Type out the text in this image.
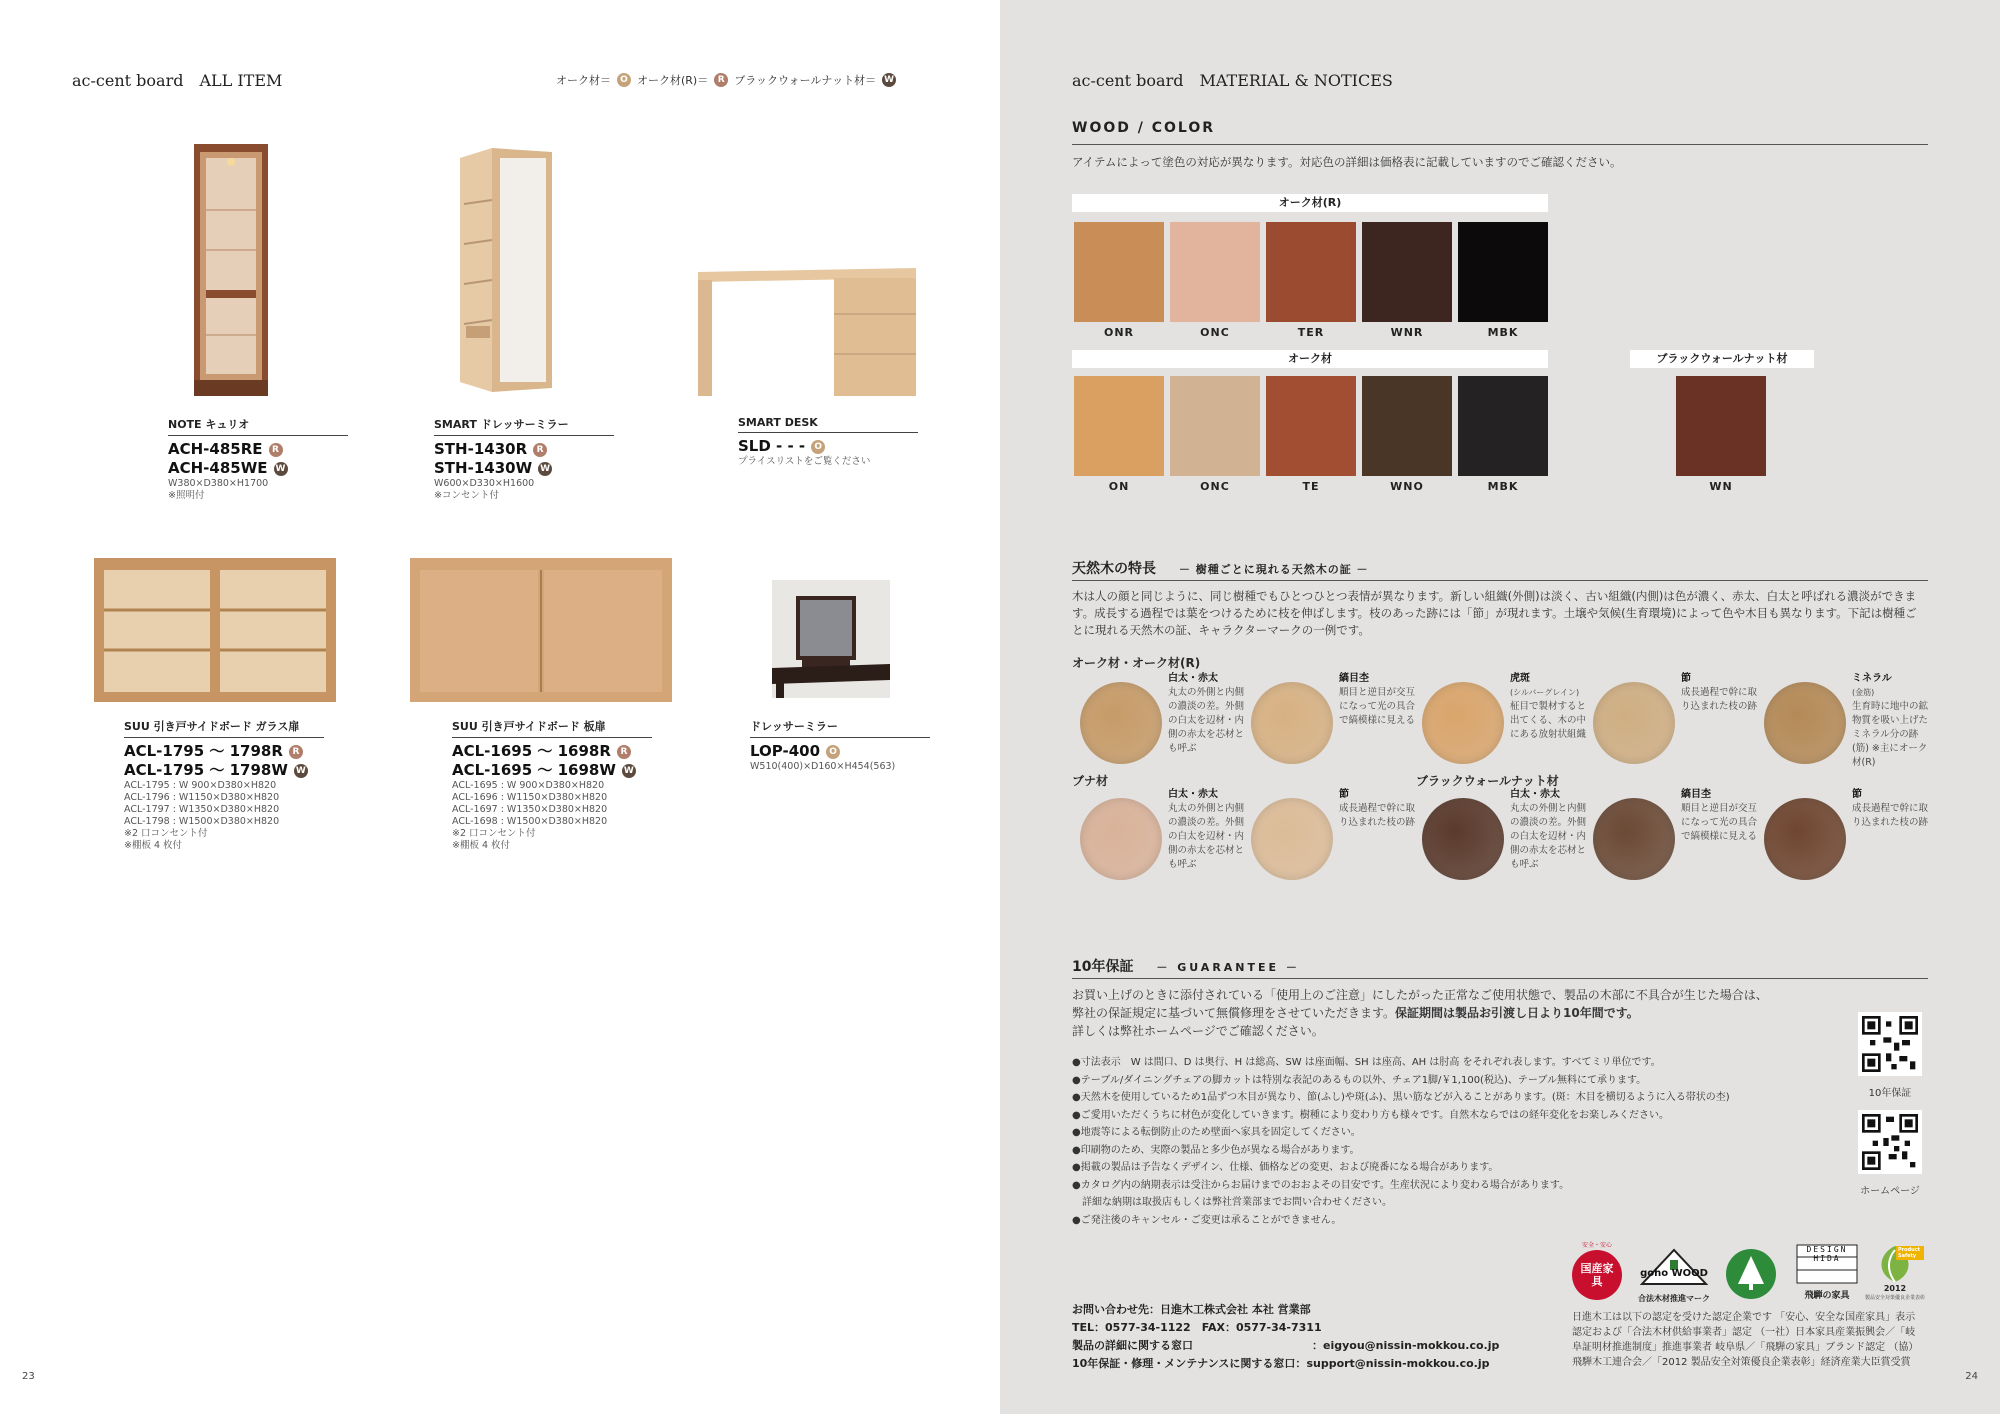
ac-cent board　ALL ITEM	オーク材＝	O オーク材(R)＝	R ブラックウォールナット材＝ W
NOTE キュリオ
ACH-485RE	R
ACH-485WE W
W380×D380×H1700
※照明付
SMART ドレッサーミラー
STH-1430R	R
STH-1430W W
W600×D330×H1600
※コンセント付
SMART DESK
SLD - - -	O
プライスリストをご覧ください
SUU 引き戸サイドボード ガラス扉
ACL-1795 ～ 1798R	R
ACL-1795 ～ 1798W W
ACL-1795 : W 900×D380×H820
ACL-1796 : W1150×D380×H820
ACL-1797 : W1350×D380×H820
ACL-1798 : W1500×D380×H820
※2 口コンセント付
※棚板 4 枚付
SUU 引き戸サイドボード 板扉
ACL-1695 ～ 1698R	R
ACL-1695 ～ 1698W W
ACL-1695 : W 900×D380×H820
ACL-1696 : W1150×D380×H820
ACL-1697 : W1350×D380×H820
ACL-1698 : W1500×D380×H820
※2 口コンセント付
※棚板 4 枚付
ドレッサーミラー
LOP-400	O
W510(400)×D160×H454(563)
23
ac-cent board　MATERIAL & NOTICES
WOOD / COLOR
アイテムによって塗色の対応が異なります。対応色の詳細は価格表に記載していますのでご確認ください。
オーク材(R)
ONR	ONC	TER	WNR	MBK
オーク材
ON	ONC	TE	WNO	MBK
ブラックウォールナット材
WN
天然木の特長 － 樹種ごとに現れる天然木の証 －
木は人の顔と同じように、同じ樹種でもひとつひとつ表情が異なります。新しい組織(外側)は淡く、古い組織(内側)は色が濃く、赤太、白太と呼ばれる濃淡ができます。成長する過程では葉をつけるために枝を伸ばします。枝のあった跡には「節」が現れます。土壌や気候(生育環境)によって色や木目も異なります。下記は樹種ごとに現れる天然木の証、キャラクターマークの一例です。
オーク材・オーク材(R)
白太・赤太
丸太の外側と内側の濃淡の差。外側の白太を辺材・内側の赤太を芯材とも呼ぶ
縞目杢
順目と逆目が交互になって光の具合で縞模様に見える
虎斑
(シルバーグレイン)
柾目で製材すると出てくる、木の中にある放射状組織
節
成長過程で幹に取り込まれた枝の跡
ミネラル
(金筋)
生育時に地中の鉱物質を吸い上げたミネラル分の跡(筋) ※主にオーク材(R)
ブナ材	ブラックウォールナット材
白太・赤太
丸太の外側と内側の濃淡の差。外側の白太を辺材・内側の赤太を芯材とも呼ぶ
節
成長過程で幹に取り込まれた枝の跡
白太・赤太
丸太の外側と内側の濃淡の差。外側の白太を辺材・内側の赤太を芯材とも呼ぶ
縞目杢
順目と逆目が交互になって光の具合で縞模様に見える
節
成長過程で幹に取り込まれた枝の跡
10年保証 － GUARANTEE －
お買い上げのときに添付されている「使用上のご注意」にしたがった正常なご使用状態で、製品の木部に不具合が生じた場合は、
弊社の保証規定に基づいて無償修理をさせていただきます。保証期間は製品お引渡し日より10年間です。
詳しくは弊社ホームページでご確認ください。
●寸法表示　W は間口、D は奥行、H は総高、SW は座面幅、SH は座高、AH は肘高 をそれぞれ表します。すべてミリ単位です。
●テーブル/ダイニングチェアの脚カットは特別な表記のあるもの以外、チェア1脚/￥1,100(税込)、テーブル無料にて承ります。
●天然木を使用しているため1品ずつ木目が異なり、節(ふし)や斑(ふ)、黒い筋などが入ることがあります。(斑：木目を横切るように入る帯状の杢)
●ご愛用いただくうちに材色が変化していきます。樹種により変わり方も様々です。自然木ならではの経年変化をお楽しみください。
●地震等による転倒防止のため壁面へ家具を固定してください。
●印刷物のため、実際の製品と多少色が異なる場合があります。
●掲載の製品は予告なくデザイン、仕様、価格などの変更、および廃番になる場合があります。
●カタログ内の納期表示は受注からお届けまでのおおよその目安です。生産状況により変わる場合があります。
　詳細な納期は取扱店もしくは弊社営業部までお問い合わせください。
●ご発注後のキャンセル・ご変更は承ることができません。
10年保証
ホームページ
お問い合わせ先：日進木工株式会社 本社 営業部
TEL：0577-34-1122　FAX：0577-34-7311
製品の詳細に関する窓口	：eigyou@nissin-mokkou.co.jp
10年保証・修理・メンテナンスに関する窓口：support@nissin-mokkou.co.jp
安全・安心
国産家具
goho WOOD
合法木材推進マーク
DESIGN HIDA
飛騨の家具
Product Safety
2012
製品安全対策優良企業表彰
日進木工は以下の認定を受けた認定企業です 「安心、安全な国産家具」表示認定および「合法木材供給事業者」認定 （一社）日本家具産業振興会／「岐阜証明材推進制度」推進事業者 岐阜県／「飛騨の家具」ブランド認定 （協）飛騨木工連合会／「2012 製品安全対策優良企業表彰」経済産業大臣賞受賞
24
